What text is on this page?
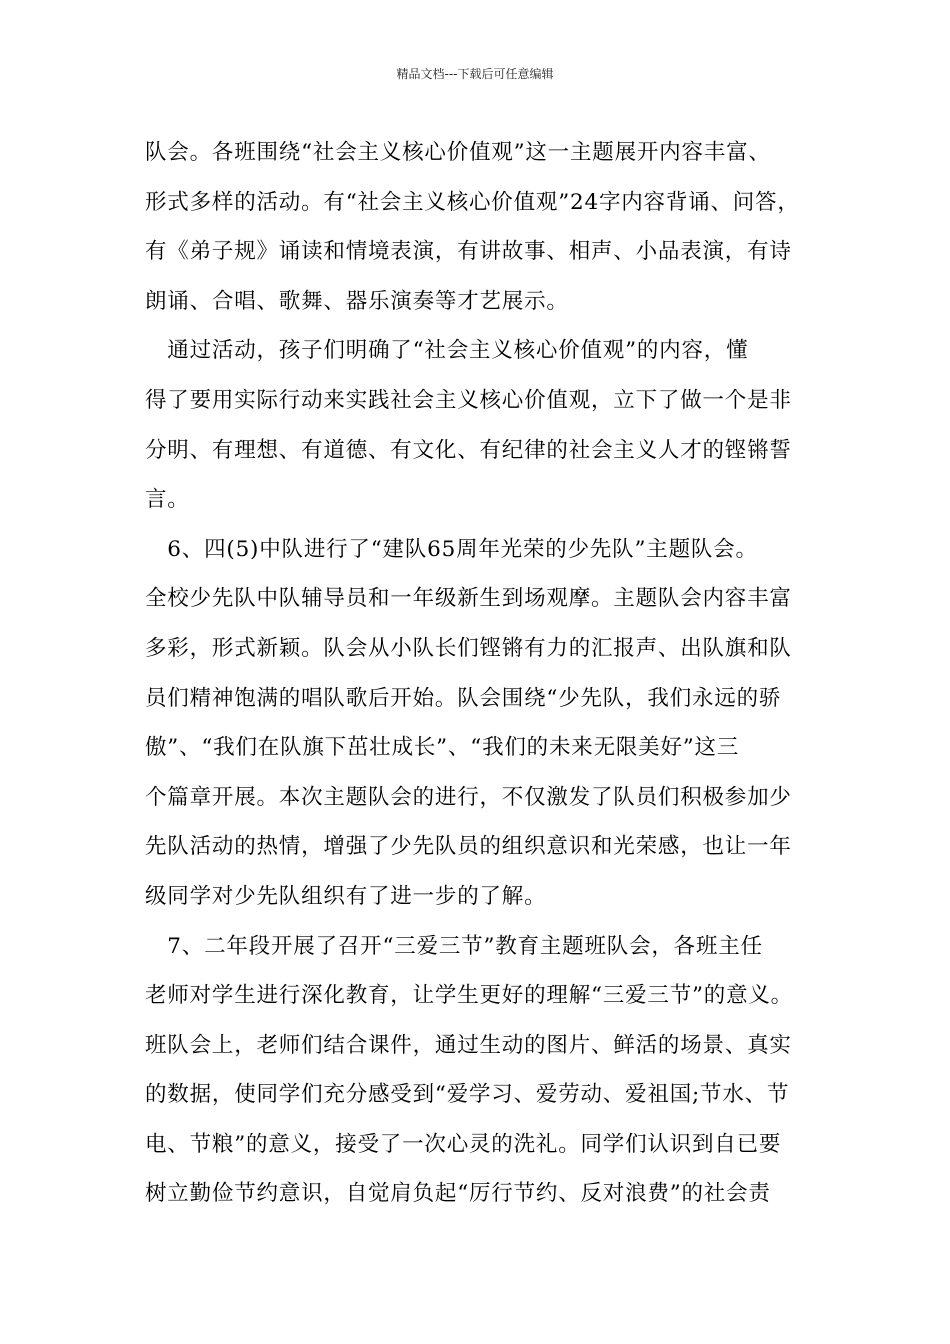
精品文档---下载后可任意编辑

队会。各班围绕“社会主义核心价值观”这一主题展开内容丰富、
形式多样的活动。有“社会主义核心价值观”24字内容背诵、问答，
有《弟子规》诵读和情境表演，有讲故事、相声、小品表演，有诗
朗诵、合唱、歌舞、器乐演奏等才艺展示。

　通过活动，孩子们明确了“社会主义核心价值观”的内容，懂
得了要用实际行动来实践社会主义核心价值观，立下了做一个是非
分明、有理想、有道德、有文化、有纪律的社会主义人才的铿锵誓
言。

　6、四(5)中队进行了“建队65周年光荣的少先队”主题队会。
全校少先队中队辅导员和一年级新生到场观摩。主题队会内容丰富
多彩，形式新颖。队会从小队长们铿锵有力的汇报声、出队旗和队
员们精神饱满的唱队歌后开始。队会围绕“少先队，我们永远的骄
傲”、“我们在队旗下茁壮成长”、“我们的未来无限美好”这三
个篇章开展。本次主题队会的进行，不仅激发了队员们积极参加少
先队活动的热情，增强了少先队员的组织意识和光荣感，也让一年
级同学对少先队组织有了进一步的了解。

　7、二年段开展了召开“三爱三节”教育主题班队会，各班主任
老师对学生进行深化教育，让学生更好的理解“三爱三节”的意义。
班队会上，老师们结合课件，通过生动的图片、鲜活的场景、真实
的数据，使同学们充分感受到“爱学习、爱劳动、爱祖国;节水、节
电、节粮”的意义，接受了一次心灵的洗礼。同学们认识到自已要
树立勤俭节约意识，自觉肩负起“厉行节约、反对浪费”的社会责
